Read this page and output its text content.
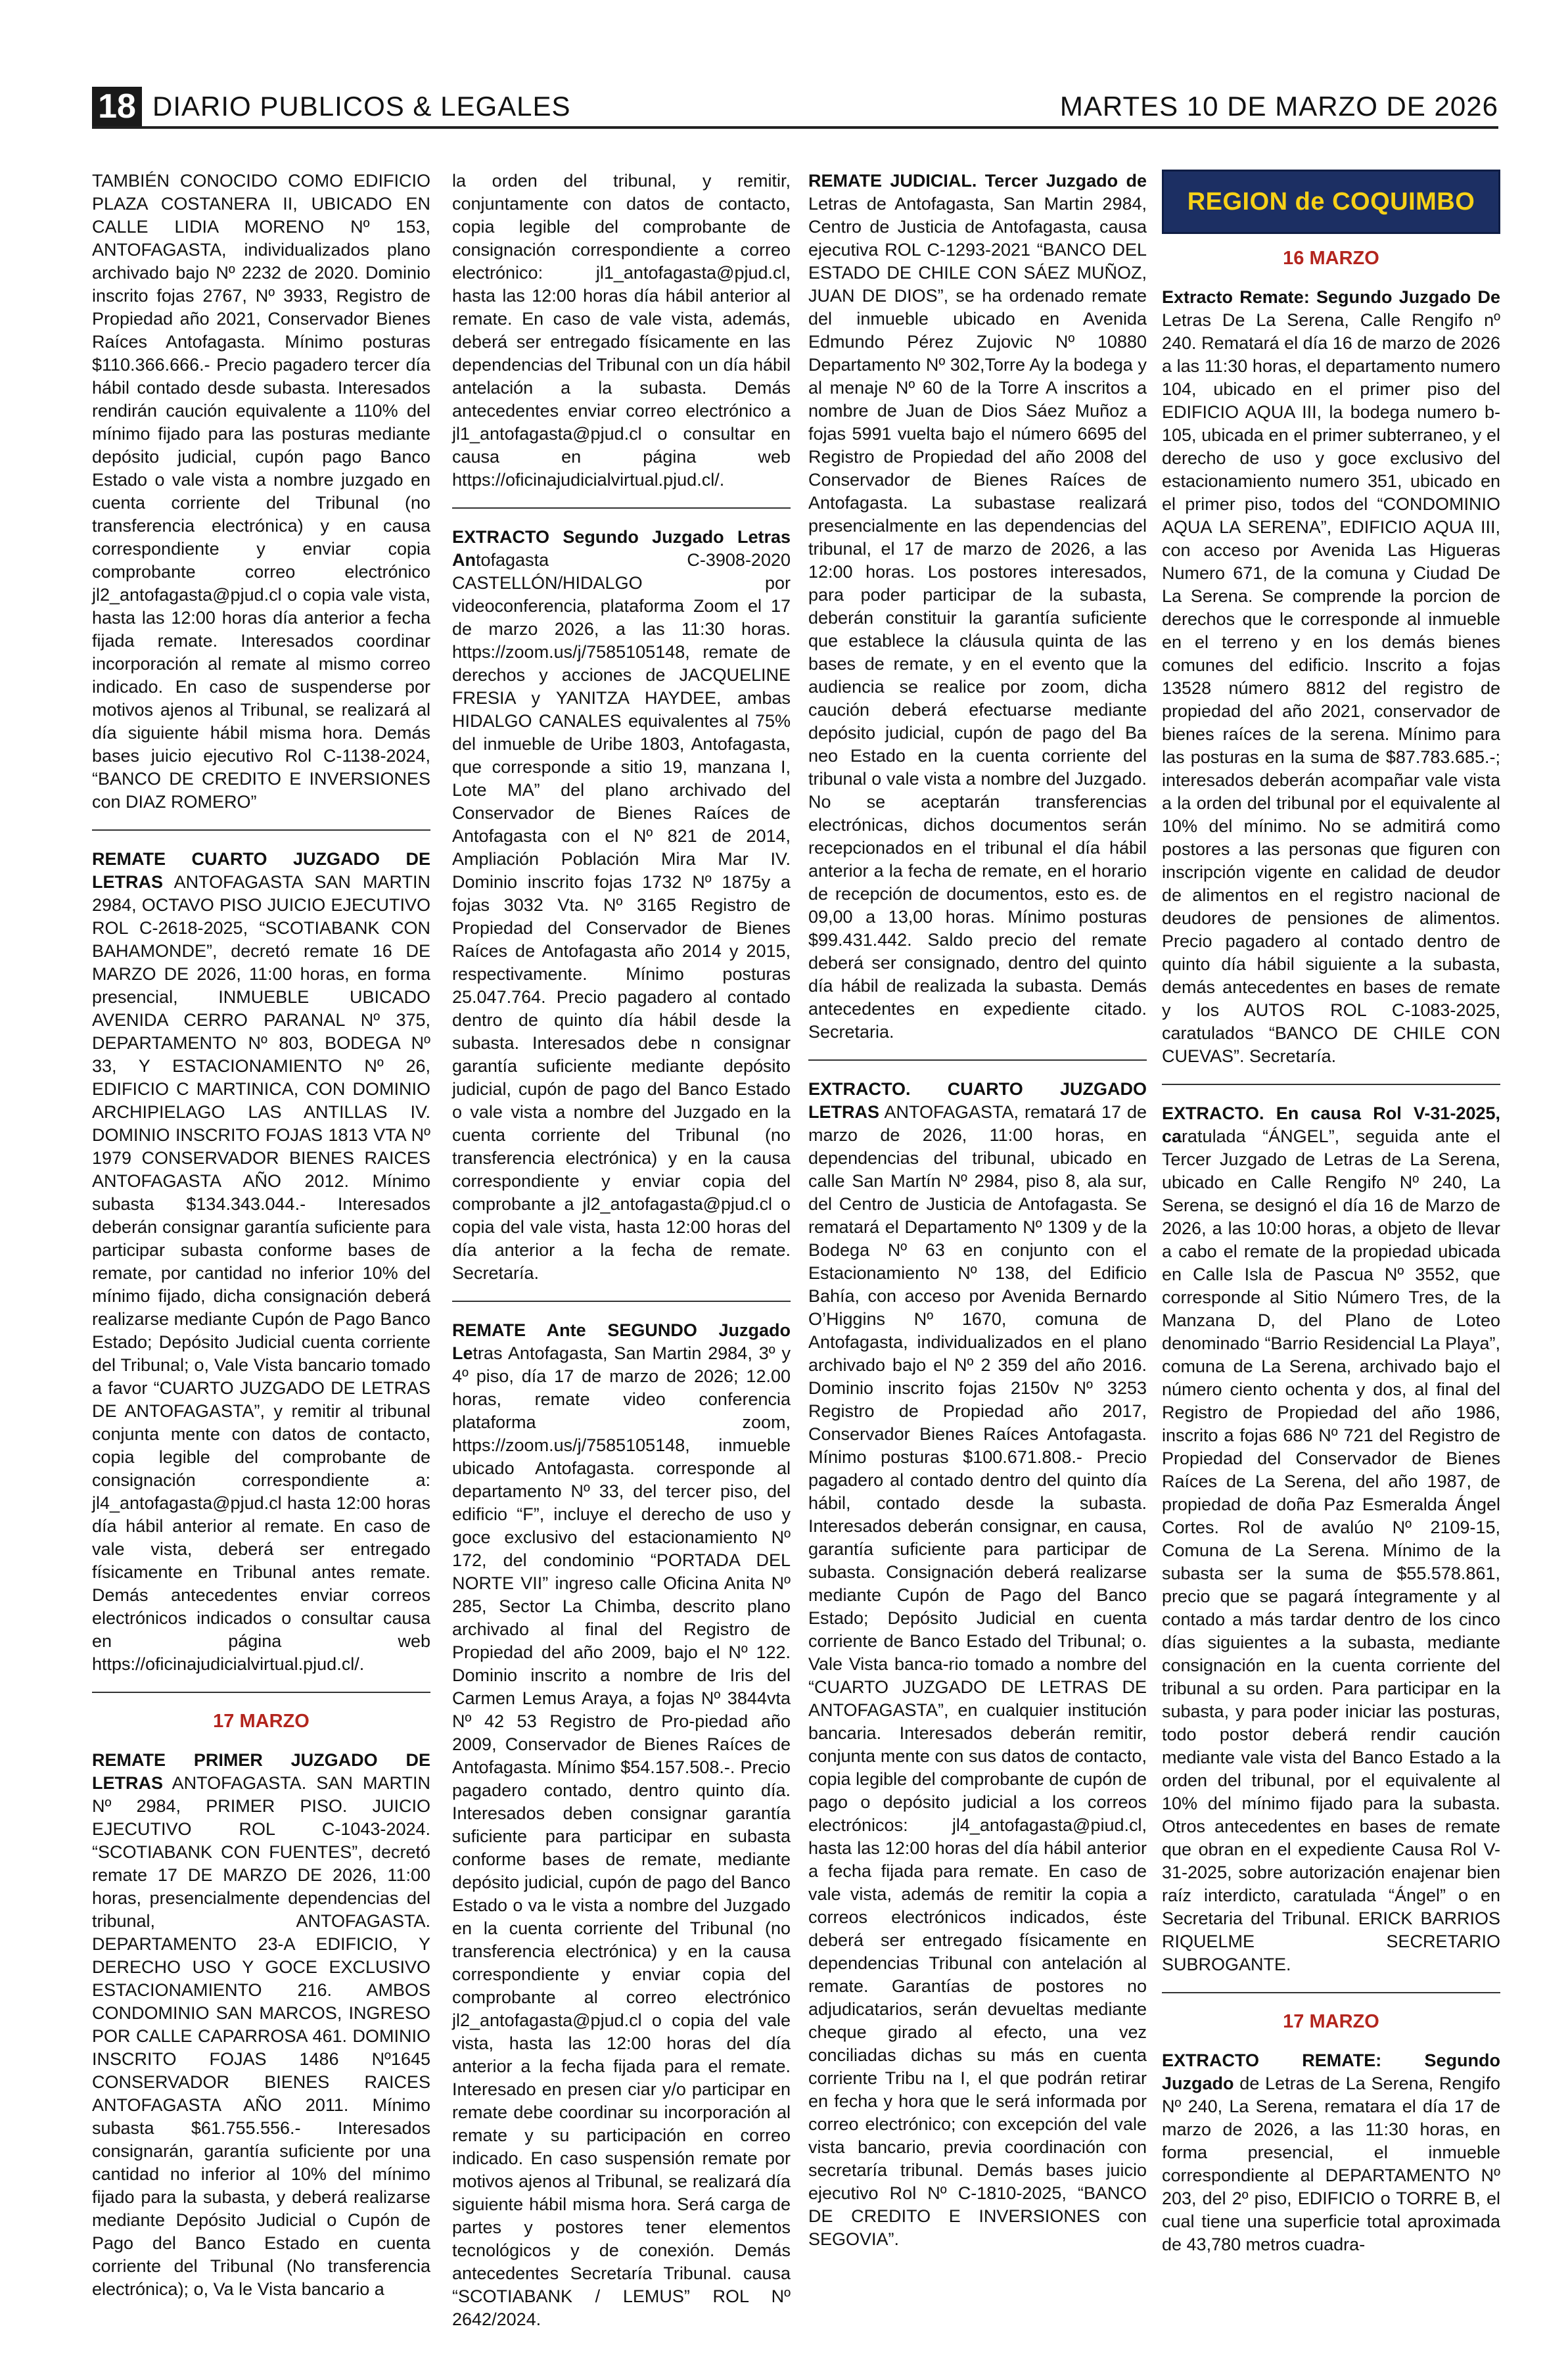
18 DIARIO PUBLICOS & LEGALES	MARTES 10 DE MARZO DE 2026
TAMBIÉN CONOCIDO COMO EDIFICIO PLAZA COSTANERA II, UBICADO EN CALLE LIDIA MORENO Nº 153, ANTOFAGASTA, individualizados plano archivado bajo Nº 2232 de 2020. Dominio inscrito fojas 2767, Nº 3933, Registro de Propiedad año 2021, Conservador Bienes Raíces Antofagasta. Mínimo posturas $110.366.666.- Precio pagadero tercer día hábil contado desde subasta. Interesados rendirán caución equivalente a 110% del mínimo fijado para las posturas mediante depósito judicial, cupón pago Banco Estado o vale vista a nombre juzgado en cuenta corriente del Tribunal (no transferencia electrónica) y en causa correspondiente y enviar copia comprobante correo electrónico jl2_antofagasta@pjud.cl o copia vale vista, hasta las 12:00 horas día anterior a fecha fijada remate. Interesados coordinar incorporación al remate al mismo correo indicado. En caso de suspenderse por motivos ajenos al Tribunal, se realizará al día siguiente hábil misma hora. Demás bases juicio ejecutivo Rol C-1138-2024, “BANCO DE CREDITO E INVERSIONES con DIAZ ROMERO”
REMATE CUARTO JUZGADO DE LETRAS ANTOFAGASTA SAN MARTIN 2984, OCTAVO PISO JUICIO EJECUTIVO ROL C-2618-2025, “SCOTIABANK CON BAHAMONDE”, decretó remate 16 DE MARZO DE 2026, 11:00 horas, en forma presencial, INMUEBLE UBICADO AVENIDA CERRO PARANAL Nº 375, DEPARTAMENTO Nº 803, BODEGA Nº 33, Y ESTACIONAMIENTO Nº 26, EDIFICIO C MARTINICA, CON DOMINIO ARCHIPIELAGO LAS ANTILLAS IV. DOMINIO INSCRITO FOJAS 1813 VTA Nº 1979 CONSERVADOR BIENES RAICES ANTOFAGASTA AÑO 2012. Mínimo subasta $134.343.044.- Interesados deberán consignar garantía suficiente para participar subasta conforme bases de remate, por cantidad no inferior 10% del mínimo fijado, dicha consignación deberá realizarse mediante Cupón de Pago Banco Estado; Depósito Judicial cuenta corriente del Tribunal; o, Vale Vista bancario tomado a favor “CUARTO JUZGADO DE LETRAS DE ANTOFAGASTA”, y remitir al tribunal conjunta mente con datos de contacto, copia legible del comprobante de consignación correspondiente a: jl4_antofagasta@pjud.cl hasta 12:00 horas día hábil anterior al remate. En caso de vale vista, deberá ser entregado físicamente en Tribunal antes remate. Demás antecedentes enviar correos electrónicos indicados o consultar causa en página web https://oficinajudicialvirtual.pjud.cl/.
17 MARZO
REMATE PRIMER JUZGADO DE LETRAS ANTOFAGASTA. SAN MARTIN Nº 2984, PRIMER PISO. JUICIO EJECUTIVO ROL C-1043-2024. “SCOTIABANK CON FUENTES”, decretó remate 17 DE MARZO DE 2026, 11:00 horas, presencialmente dependencias del tribunal, ANTOFAGASTA. DEPARTAMENTO 23-A EDIFICIO, Y DERECHO USO Y GOCE EXCLUSIVO ESTACIONAMIENTO 216. AMBOS CONDOMINIO SAN MARCOS, INGRESO POR CALLE CAPARROSA 461. DOMINIO INSCRITO FOJAS 1486 Nº1645 CONSERVADOR BIENES RAICES ANTOFAGASTA AÑO 2011. Mínimo subasta $61.755.556.- Interesados consignarán, garantía suficiente por una cantidad no inferior al 10% del mínimo fijado para la subasta, y deberá realizarse mediante Depósito Judicial o Cupón de Pago del Banco Estado en cuenta corriente del Tribunal (No transferencia electrónica); o, Va le Vista bancario a
la orden del tribunal, y remitir, conjuntamente con datos de contacto, copia legible del comprobante de consignación correspondiente a correo electrónico: jl1_antofagasta@pjud.cl, hasta las 12:00 horas día hábil anterior al remate. En caso de vale vista, además, deberá ser entregado físicamente en las dependencias del Tribunal con un día hábil antelación a la subasta. Demás antecedentes enviar correo electrónico a jl1_antofagasta@pjud.cl o consultar en causa en página web https://oficinajudicialvirtual.pjud.cl/.
EXTRACTO Segundo Juzgado Letras Antofagasta C-3908-2020 CASTELLÓN/HIDALGO por videoconferencia, plataforma Zoom el 17 de marzo 2026, a las 11:30 horas. https://zoom.us/j/7585105148, remate de derechos y acciones de JACQUELINE FRESIA y YANITZA HAYDEE, ambas HIDALGO CANALES equivalentes al 75% del inmueble de Uribe 1803, Antofagasta, que corresponde a sitio 19, manzana I, Lote MA” del plano archivado del Conservador de Bienes Raíces de Antofagasta con el Nº 821 de 2014, Ampliación Población Mira Mar IV. Dominio inscrito fojas 1732 Nº 1875y a fojas 3032 Vta. Nº 3165 Registro de Propiedad del Conservador de Bienes Raíces de Antofagasta año 2014 y 2015, respectivamente. Mínimo posturas 25.047.764. Precio pagadero al contado dentro de quinto día hábil desde la subasta. Interesados debe n consignar garantía suficiente mediante depósito judicial, cupón de pago del Banco Estado o vale vista a nombre del Juzgado en la cuenta corriente del Tribunal (no transferencia electrónica) y en la causa correspondiente y enviar copia del comprobante a jl2_antofagasta@pjud.cl o copia del vale vista, hasta 12:00 horas del día anterior a la fecha de remate. Secretaría.
REMATE Ante SEGUNDO Juzgado Letras Antofagasta, San Martin 2984, 3º y 4º piso, día 17 de marzo de 2026; 12.00 horas, remate video conferencia plataforma zoom, https://zoom.us/j/7585105148, inmueble ubicado Antofagasta. corresponde al departamento Nº 33, del tercer piso, del edificio “F”, incluye el derecho de uso y goce exclusivo del estacionamiento Nº 172, del condominio “PORTADA DEL NORTE VII” ingreso calle Oficina Anita Nº 285, Sector La Chimba, descrito plano archivado al final del Registro de Propiedad del año 2009, bajo el Nº 122. Dominio inscrito a nombre de Iris del Carmen Lemus Araya, a fojas Nº 3844vta Nº 42 53 Registro de Pro-piedad año 2009, Conservador de Bienes Raíces de Antofagasta. Mínimo $54.157.508.-. Precio pagadero contado, dentro quinto día. Interesados deben consignar garantía suficiente para participar en subasta conforme bases de remate, mediante depósito judicial, cupón de pago del Banco Estado o va le vista a nombre del Juzgado en la cuenta corriente del Tribunal (no transferencia electrónica) y en la causa correspondiente y enviar copia del comprobante al correo electrónico jl2_antofagasta@pjud.cl o copia del vale vista, hasta las 12:00 horas del día anterior a la fecha fijada para el remate. Interesado en presen ciar y/o participar en remate debe coordinar su incorporación al remate y su participación en correo indicado. En caso suspensión remate por motivos ajenos al Tribunal, se realizará día siguiente hábil misma hora. Será carga de partes y postores tener elementos tecnológicos y de conexión. Demás antecedentes Secretaría Tribunal. causa “SCOTIABANK / LEMUS” ROL Nº 2642/2024.
REMATE JUDICIAL. Tercer Juzgado de Letras de Antofagasta, San Martin 2984, Centro de Justicia de Antofagasta, causa ejecutiva ROL C-1293-2021 “BANCO DEL ESTADO DE CHILE CON SÁEZ MUÑOZ, JUAN DE DIOS”, se ha ordenado remate del inmueble ubicado en Avenida Edmundo Pérez Zujovic Nº 10880 Departamento Nº 302,Torre Ay la bodega y al menaje Nº 60 de la Torre A inscritos a nombre de Juan de Dios Sáez Muñoz a fojas 5991 vuelta bajo el número 6695 del Registro de Propiedad del año 2008 del Conservador de Bienes Raíces de Antofagasta. La subastase realizará presencialmente en las dependencias del tribunal, el 17 de marzo de 2026, a las 12:00 horas. Los postores interesados, para poder participar de la subasta, deberán constituir la garantía suficiente que establece la cláusula quinta de las bases de remate, y en el evento que la audiencia se realice por zoom, dicha caución deberá efectuarse mediante depósito judicial, cupón de pago del Ba neo Estado en la cuenta corriente del tribunal o vale vista a nombre del Juzgado. No se aceptarán transferencias electrónicas, dichos documentos serán recepcionados en el tribunal el día hábil anterior a la fecha de remate, en el horario de recepción de documentos, esto es. de 09,00 a 13,00 horas. Mínimo posturas $99.431.442. Saldo precio del remate deberá ser consignado, dentro del quinto día hábil de realizada la subasta. Demás antecedentes en expediente citado. Secretaria.
EXTRACTO. CUARTO JUZGADO LETRAS ANTOFAGASTA, rematará 17 de marzo de 2026, 11:00 horas, en dependencias del tribunal, ubicado en calle San Martín Nº 2984, piso 8, ala sur, del Centro de Justicia de Antofagasta. Se rematará el Departamento Nº 1309 y de la Bodega Nº 63 en conjunto con el Estacionamiento Nº 138, del Edificio Bahía, con acceso por Avenida Bernardo O’Higgins Nº 1670, comuna de Antofagasta, individualizados en el plano archivado bajo el Nº 2 359 del año 2016. Dominio inscrito fojas 2150v Nº 3253 Registro de Propiedad año 2017, Conservador Bienes Raíces Antofagasta. Mínimo posturas $100.671.808.- Precio pagadero al contado dentro del quinto día hábil, contado desde la subasta. Interesados deberán consignar, en causa, garantía suficiente para participar de subasta. Consignación deberá realizarse mediante Cupón de Pago del Banco Estado; Depósito Judicial en cuenta corriente de Banco Estado del Tribunal; o. Vale Vista banca-rio tomado a nombre del “CUARTO JUZGADO DE LETRAS DE ANTOFAGASTA”, en cualquier institución bancaria. Interesados deberán remitir, conjunta mente con sus datos de contacto, copia legible del comprobante de cupón de pago o depósito judicial a los correos electrónicos: jl4_antofagasta@piud.cl, hasta las 12:00 horas del día hábil anterior a fecha fijada para remate. En caso de vale vista, además de remitir la copia a correos electrónicos indicados, éste deberá ser entregado físicamente en dependencias Tribunal con antelación al remate. Garantías de postores no adjudicatarios, serán devueltas mediante cheque girado al efecto, una vez conciliadas dichas su más en cuenta corriente Tribu na I, el que podrán retirar en fecha y hora que le será informada por correo electrónico; con excepción del vale vista bancario, previa coordinación con secretaría tribunal. Demás bases juicio ejecutivo Rol Nº C-1810-2025, “BANCO DE CREDITO E INVERSIONES con SEGOVIA”.
REGION de COQUIMBO
16 MARZO
Extracto Remate: Segundo Juzgado De Letras De La Serena, Calle Rengifo nº 240. Rematará el día 16 de marzo de 2026 a las 11:30 horas, el departamento numero 104, ubicado en el primer piso del EDIFICIO AQUA III, la bodega numero b-105, ubicada en el primer subterraneo, y el derecho de uso y goce exclusivo del estacionamiento numero 351, ubicado en el primer piso, todos del “CONDOMINIO AQUA LA SERENA”, EDIFICIO AQUA III, con acceso por Avenida Las Higueras Numero 671, de la comuna y Ciudad De La Serena. Se comprende la porcion de derechos que le corresponde al inmueble en el terreno y en los demás bienes comunes del edificio. Inscrito a fojas 13528 número 8812 del registro de propiedad del año 2021, conservador de bienes raíces de la serena. Mínimo para las posturas en la suma de $87.783.685.-; interesados deberán acompañar vale vista a la orden del tribunal por el equivalente al 10% del mínimo. No se admitirá como postores a las personas que figuren con inscripción vigente en calidad de deudor de alimentos en el registro nacional de deudores de pensiones de alimentos. Precio pagadero al contado dentro de quinto día hábil siguiente a la subasta, demás antecedentes en bases de remate y los AUTOS ROL C-1083-2025, caratulados “BANCO DE CHILE CON CUEVAS”. Secretaría.
EXTRACTO. En causa Rol V-31-2025, caratulada “ÁNGEL”, seguida ante el Tercer Juzgado de Letras de La Serena, ubicado en Calle Rengifo Nº 240, La Serena, se designó el día 16 de Marzo de 2026, a las 10:00 horas, a objeto de llevar a cabo el remate de la propiedad ubicada en Calle Isla de Pascua Nº 3552, que corresponde al Sitio Número Tres, de la Manzana D, del Plano de Loteo denominado “Barrio Residencial La Playa”, comuna de La Serena, archivado bajo el número ciento ochenta y dos, al final del Registro de Propiedad del año 1986, inscrito a fojas 686 Nº 721 del Registro de Propiedad del Conservador de Bienes Raíces de La Serena, del año 1987, de propiedad de doña Paz Esmeralda Ángel Cortes. Rol de avalúo Nº 2109-15, Comuna de La Serena. Mínimo de la subasta ser la suma de $55.578.861, precio que se pagará íntegramente y al contado a más tardar dentro de los cinco días siguientes a la subasta, mediante consignación en la cuenta corriente del tribunal a su orden. Para participar en la subasta, y para poder iniciar las posturas, todo postor deberá rendir caución mediante vale vista del Banco Estado a la orden del tribunal, por el equivalente al 10% del mínimo fijado para la subasta. Otros antecedentes en bases de remate que obran en el expediente Causa Rol V-31-2025, sobre autorización enajenar bien raíz interdicto, caratulada “Ángel” o en Secretaria del Tribunal. ERICK BARRIOS RIQUELME SECRETARIO SUBROGANTE.
17 MARZO
EXTRACTO REMATE: Segundo Juzgado de Letras de La Serena, Rengifo Nº 240, La Serena, rematara el día 17 de marzo de 2026, a las 11:30 horas, en forma presencial, el inmueble correspondiente al DEPARTAMENTO Nº 203, del 2º piso, EDIFICIO o TORRE B, el cual tiene una superficie total aproximada de 43,780 metros cuadra-
